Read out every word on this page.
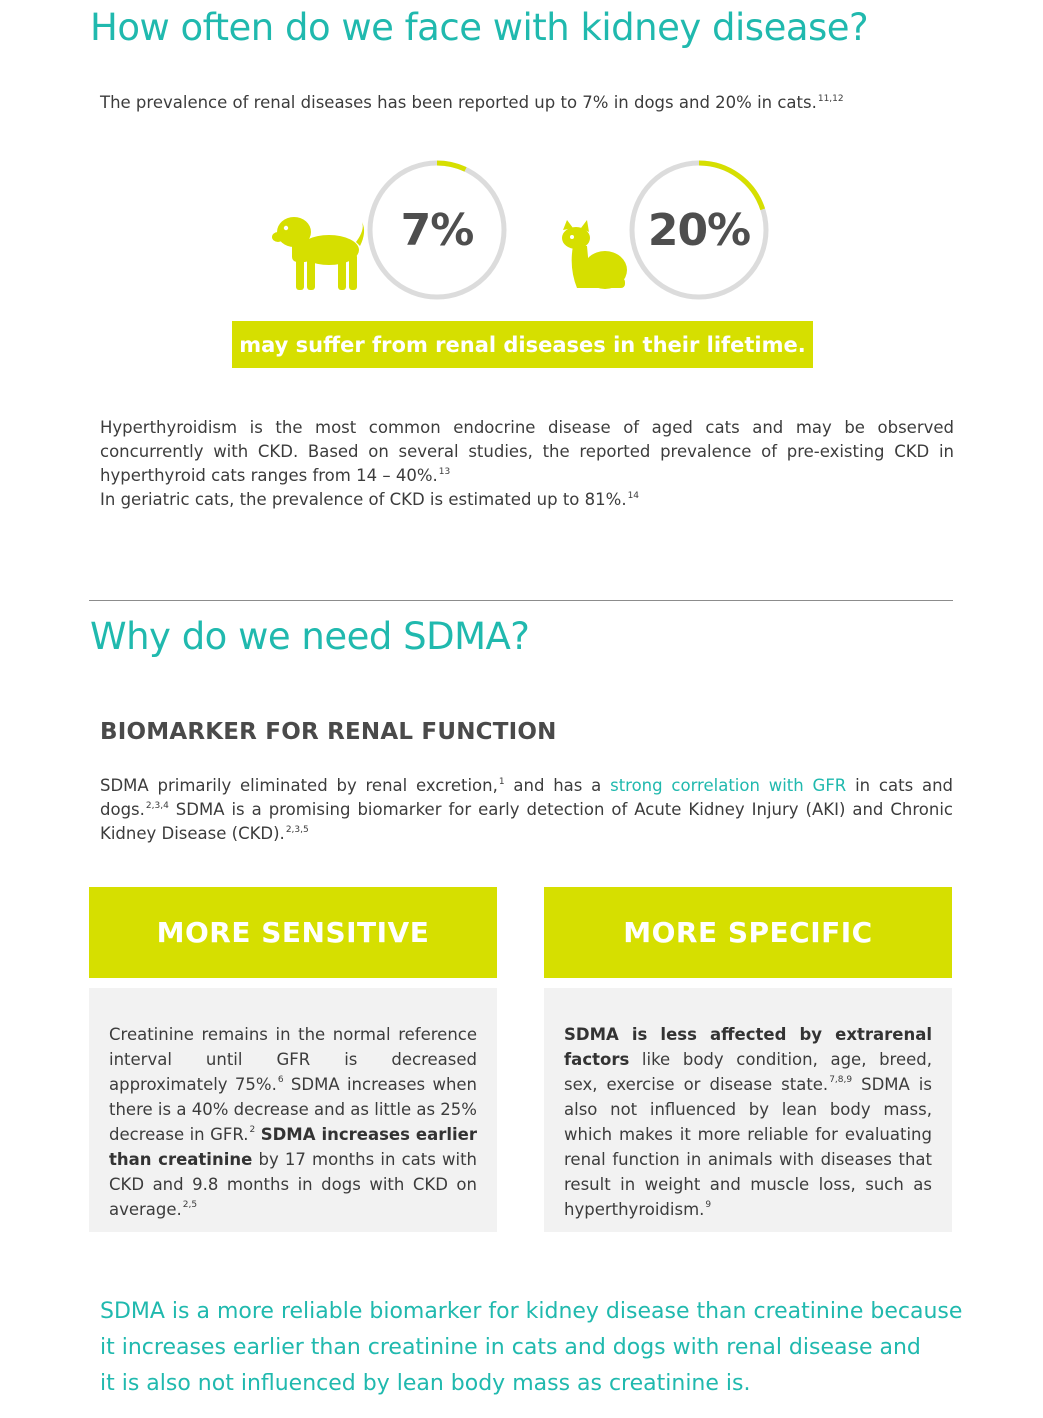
How often do we face with kidney disease?
The prevalence of renal diseases has been reported up to 7% in dogs and 20% in cats.$^{11,12}$
7%	20%
may suffer from renal diseases in their lifetime.
Hyperthyroidism is the most common endocrine disease of aged cats and may be observed concurrently with CKD. Based on several studies, the reported prevalence of pre-existing CKD in hyperthyroid cats ranges from 14 – 40%.$^{13}$
In geriatric cats, the prevalence of CKD is estimated up to 81%.$^{14}$
Why do we need SDMA?
BIOMARKER FOR RENAL FUNCTION
SDMA primarily eliminated by renal excretion,$^1$ and has a strong correlation with GFR in cats and dogs.$^{2,3,4}$ SDMA is a promising biomarker for early detection of Acute Kidney Injury (AKI) and Chronic Kidney Disease (CKD).$^{2,3,5}$
MORE SENSITIVE
Creatinine remains in the normal reference interval until GFR is decreased approximately 75%.$^6$ SDMA increases when there is a 40% decrease and as little as 25% decrease in GFR.$^2$ SDMA increases earlier than creatinine by 17 months in cats with CKD and 9.8 months in dogs with CKD on average.$^{2,5}$
MORE SPECIFIC
SDMA is less affected by extrarenal factors like body condition, age, breed, sex, exercise or disease state.$^{7,8,9}$ SDMA is also not influenced by lean body mass, which makes it more reliable for evaluating renal function in animals with diseases that result in weight and muscle loss, such as hyperthyroidism.$^9$
SDMA is a more reliable biomarker for kidney disease than creatinine because
it increases earlier than creatinine in cats and dogs with renal disease and
it is also not influenced by lean body mass as creatinine is.
